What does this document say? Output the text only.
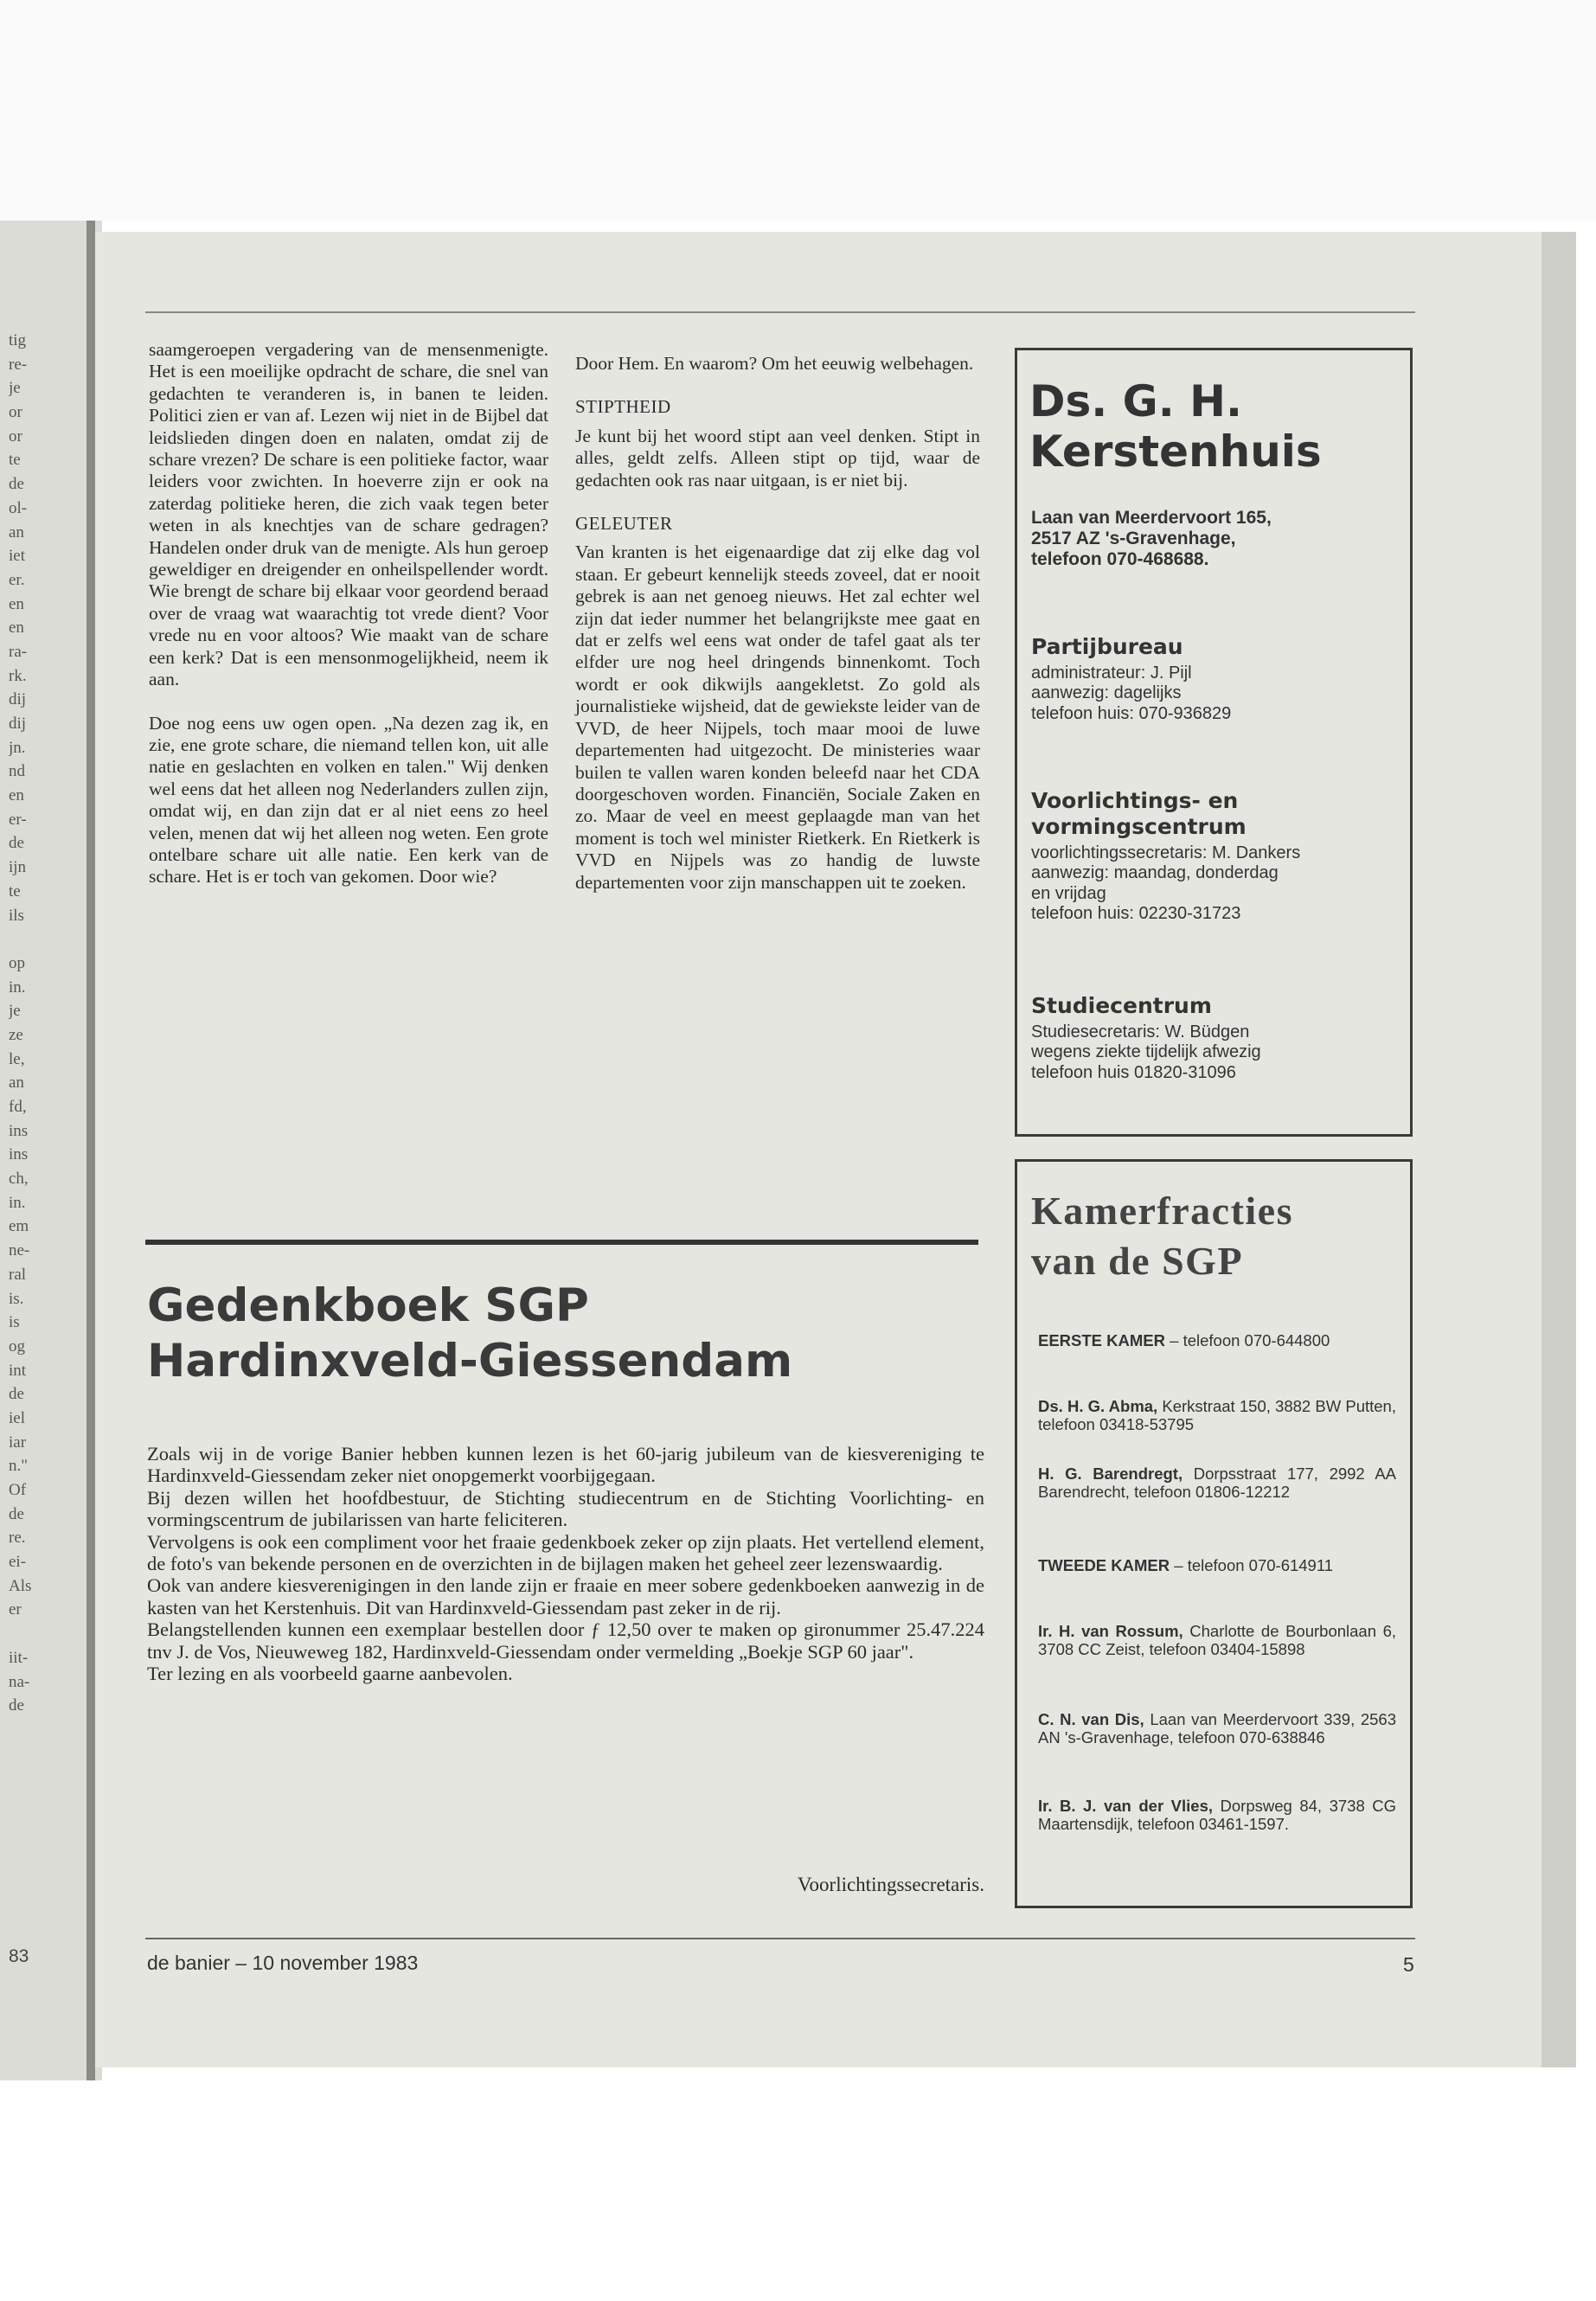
tig
re-
je
or
or
te
de
ol-
an
iet
er.
en
en
ra-
rk.
dij
dij
jn.
nd
en
er-
de
ijn
te
ils
op
in.
je
ze
le,
an
fd,
ins
ins
ch,
in.
em
ne-
ral
is.
is
og
int
de
iel
iar
n."
Of
de
re.
ei-
Als
er
iit-
na-
de
83

saamgeroepen vergadering van de mensenmenigte. Het is een moeilijke opdracht de schare, die snel van gedachten te veranderen is, in banen te leiden. Politici zien er van af. Lezen wij niet in de Bijbel dat leidslieden dingen doen en nalaten, omdat zij de schare vrezen? De schare is een politieke factor, waar leiders voor zwichten. In hoeverre zijn er ook na zaterdag politieke heren, die zich vaak tegen beter weten in als knechtjes van de schare gedragen? Handelen onder druk van de menigte. Als hun geroep geweldiger en dreigender en onheilspellender wordt. Wie brengt de schare bij elkaar voor geordend beraad over de vraag wat waarachtig tot vrede dient? Voor vrede nu en voor altoos? Wie maakt van de schare een kerk? Dat is een mensonmogelijkheid, neem ik aan.

Doe nog eens uw ogen open. „Na dezen zag ik, en zie, ene grote schare, die niemand tellen kon, uit alle natie en geslachten en volken en talen." Wij denken wel eens dat het alleen nog Nederlanders zullen zijn, omdat wij, en dan zijn dat er al niet eens zo heel velen, menen dat wij het alleen nog weten. Een grote ontelbare schare uit alle natie. Een kerk van de schare. Het is er toch van gekomen. Door wie?

Door Hem. En waarom? Om het eeuwig welbehagen.

STIPTHEID

Je kunt bij het woord stipt aan veel denken. Stipt in alles, geldt zelfs. Alleen stipt op tijd, waar de gedachten ook ras naar uitgaan, is er niet bij.

GELEUTER

Van kranten is het eigenaardige dat zij elke dag vol staan. Er gebeurt kennelijk steeds zoveel, dat er nooit gebrek is aan net genoeg nieuws. Het zal echter wel zijn dat ieder nummer het belangrijkste mee gaat en dat er zelfs wel eens wat onder de tafel gaat als ter elfder ure nog heel dringends binnenkomt. Toch wordt er ook dikwijls aangekletst. Zo gold als journalistieke wijsheid, dat de gewiekste leider van de VVD, de heer Nijpels, toch maar mooi de luwe departementen had uitgezocht. De ministeries waar builen te vallen waren konden beleefd naar het CDA doorgeschoven worden. Financiën, Sociale Zaken en zo. Maar de veel en meest geplaagde man van het moment is toch wel minister Rietkerk. En Rietkerk is VVD en Nijpels was zo handig de luwste departementen voor zijn manschappen uit te zoeken.

Gedenkboek SGP
Hardinxveld-Giessendam

Zoals wij in de vorige Banier hebben kunnen lezen is het 60-jarig jubileum van de kiesvereniging te Hardinxveld-Giessendam zeker niet onopgemerkt voorbijgegaan.

Bij dezen willen het hoofdbestuur, de Stichting studiecentrum en de Stichting Voorlichting- en vormingscentrum de jubilarissen van harte feliciteren.

Vervolgens is ook een compliment voor het fraaie gedenkboek zeker op zijn plaats. Het vertellend element, de foto's van bekende personen en de overzichten in de bijlagen maken het geheel zeer lezenswaardig.

Ook van andere kiesverenigingen in den lande zijn er fraaie en meer sobere gedenkboeken aanwezig in de kasten van het Kerstenhuis. Dit van Hardinxveld-Giessendam past zeker in de rij.

Belangstellenden kunnen een exemplaar bestellen door ƒ 12,50 over te maken op gironummer 25.47.224 tnv J. de Vos, Nieuweweg 182, Hardinxveld-Giessendam onder vermelding „Boekje SGP 60 jaar".

Ter lezing en als voorbeeld gaarne aanbevolen.

Voorlichtingssecretaris.
Ds. G. H.
Kerstenhuis

Laan van Meerdervoort 165,
2517 AZ 's-Gravenhage,
telefoon 070-468688.

Partijbureau

administrateur: J. Pijl
aanwezig: dagelijks
telefoon huis: 070-936829

Voorlichtings- en
vormingscentrum

voorlichtingssecretaris: M. Dankers
aanwezig: maandag, donderdag
en vrijdag
telefoon huis: 02230-31723

Studiecentrum

Studiesecretaris: W. Büdgen
wegens ziekte tijdelijk afwezig
telefoon huis 01820-31096

Kamerfracties
van de SGP

EERSTE KAMER – telefoon 070-644800

Ds. H. G. Abma, Kerkstraat 150, 3882 BW Putten, telefoon 03418-53795

H. G. Barendregt, Dorpsstraat 177, 2992 AA Barendrecht, telefoon 01806-12212

TWEEDE KAMER – telefoon 070-614911

Ir. H. van Rossum, Charlotte de Bourbonlaan 6, 3708 CC Zeist, telefoon 03404-15898

C. N. van Dis, Laan van Meerdervoort 339, 2563 AN 's-Gravenhage, telefoon 070-638846

Ir. B. J. van der Vlies, Dorpsweg 84, 3738 CG Maartensdijk, telefoon 03461-1597.

de banier – 10 november 1983	5
